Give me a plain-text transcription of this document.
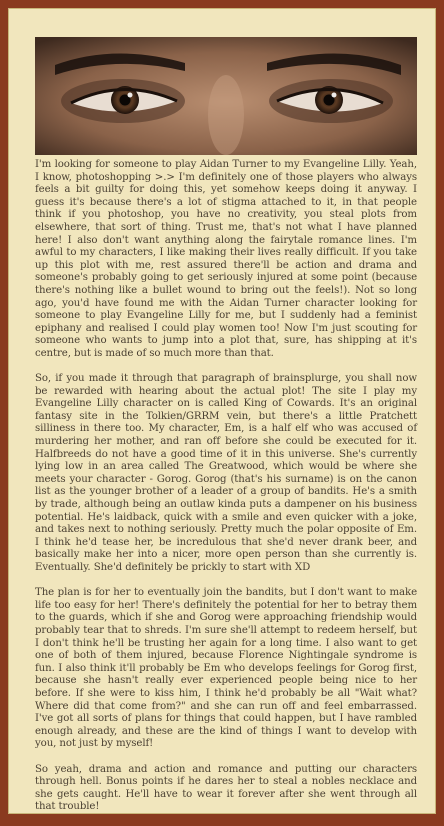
I'm looking for someone to play Aidan Turner to my Evangeline Lilly. Yeah, I know, photoshopping >.> I'm definitely one of those players who always feels a bit guilty for doing this, yet somehow keeps doing it anyway. I guess it's because there's a lot of stigma attached to it, in that people think if you photoshop, you have no creativity, you steal plots from elsewhere, that sort of thing. Trust me, that's not what I have planned here! I also don't want anything along the fairytale romance lines. I'm awful to my characters, I like making their lives really difficult. If you take up this plot with me, rest assured there'll be action and drama and someone's probably going to get seriously injured at some point (because there's nothing like a bullet wound to bring out the feels!). Not so long ago, you'd have found me with the Aidan Turner character looking for someone to play Evangeline Lilly for me, but I suddenly had a feminist epiphany and realised I could play women too! Now I'm just scouting for someone who wants to jump into a plot that, sure, has shipping at it's centre, but is made of so much more than that.

So, if you made it through that paragraph of brainsplurge, you shall now be rewarded with hearing about the actual plot! The site I play my Evangeline Lilly character on is called King of Cowards. It's an original fantasy site in the Tolkien/GRRM vein, but there's a little Pratchett silliness in there too. My character, Em, is a half elf who was accused of murdering her mother, and ran off before she could be executed for it. Halfbreeds do not have a good time of it in this universe. She's currently lying low in an area called The Greatwood, which would be where she meets your character - Gorog. Gorog (that's his surname) is on the canon list as the younger brother of a leader of a group of bandits. He's a smith by trade, although being an outlaw kinda puts a dampener on his business potential. He's laidback, quick with a smile and even quicker with a joke, and takes next to nothing seriously. Pretty much the polar opposite of Em. I think he'd tease her, be incredulous that she'd never drank beer, and basically make her into a nicer, more open person than she currently is. Eventually. She'd definitely be prickly to start with XD

The plan is for her to eventually join the bandits, but I don't want to make life too easy for her! There's definitely the potential for her to betray them to the guards, which if she and Gorog were approaching friendship would probably tear that to shreds. I'm sure she'll attempt to redeem herself, but I don't think he'll be trusting her again for a long time. I also want to get one of both of them injured, because Florence Nightingale syndrome is fun. I also think it'll probably be Em who develops feelings for Gorog first, because she hasn't really ever experienced people being nice to her before. If she were to kiss him, I think he'd probably be all "Wait what? Where did that come from?" and she can run off and feel embarrassed. I've got all sorts of plans for things that could happen, but I have rambled enough already, and these are the kind of things I want to develop with you, not just by myself!

So yeah, drama and action and romance and putting our characters through hell. Bonus points if he dares her to steal a nobles necklace and she gets caught. He'll have to wear it forever after she went through all that trouble!
